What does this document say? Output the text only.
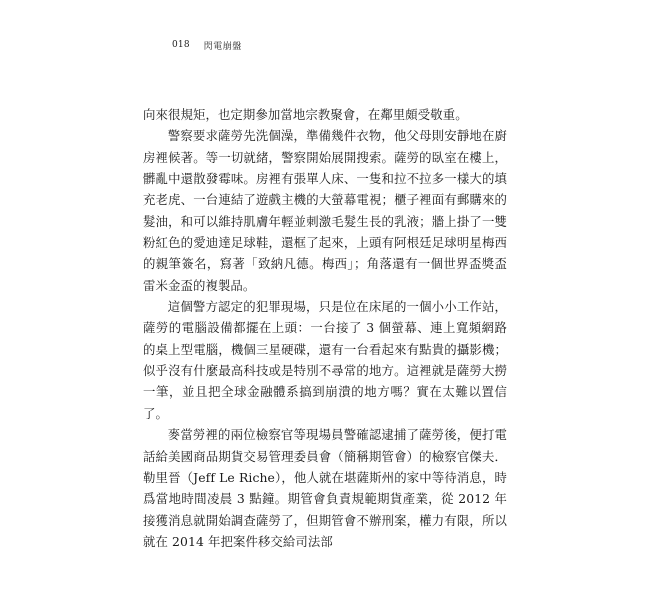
018 閃電崩盤

向來很規矩，也定期參加當地宗教聚會，在鄰里頗受敬重。

警察要求薩勞先洗個澡，準備幾件衣物，他父母則安靜地在廚房裡候著。等一切就緒，警察開始展開搜索。薩勞的臥室在樓上，髒亂中還散發霉味。房裡有張單人床、一隻和拉不拉多一樣大的填充老虎、一台連結了遊戲主機的大螢幕電視；櫃子裡面有郵購來的髮油，和可以維持肌膚年輕並刺激毛髮生長的乳液；牆上掛了一雙粉紅色的愛迪達足球鞋，還框了起來，上頭有阿根廷足球明星梅西的親筆簽名，寫著「致納凡德。梅西」；角落還有一個世界盃獎盃雷米金盃的複製品。

這個警方認定的犯罪現場，只是位在床尾的一個小小工作站，薩勞的電腦設備都擺在上頭：一台接了 3 個螢幕、連上寬頻網路的桌上型電腦，機個三星硬碟，還有一台看起來有點貴的攝影機；似乎沒有什麼最高科技或是特別不尋常的地方。這裡就是薩勞大撈一筆，並且把全球金融體系搞到崩潰的地方嗎？實在太難以置信了。

麥當勞裡的兩位檢察官等現場員警確認逮捕了薩勞後，便打電話給美國商品期貨交易管理委員會（簡稱期管會）的檢察官傑夫．勒里晉（Jeff Le Riche），他人就在堪薩斯州的家中等待消息，時爲當地時間凌晨 3 點鐘。期管會負責規範期貨產業，從 2012 年接獲消息就開始調查薩勞了，但期管會不辦刑案，權力有限，所以就在 2014 年把案件移交給司法部
